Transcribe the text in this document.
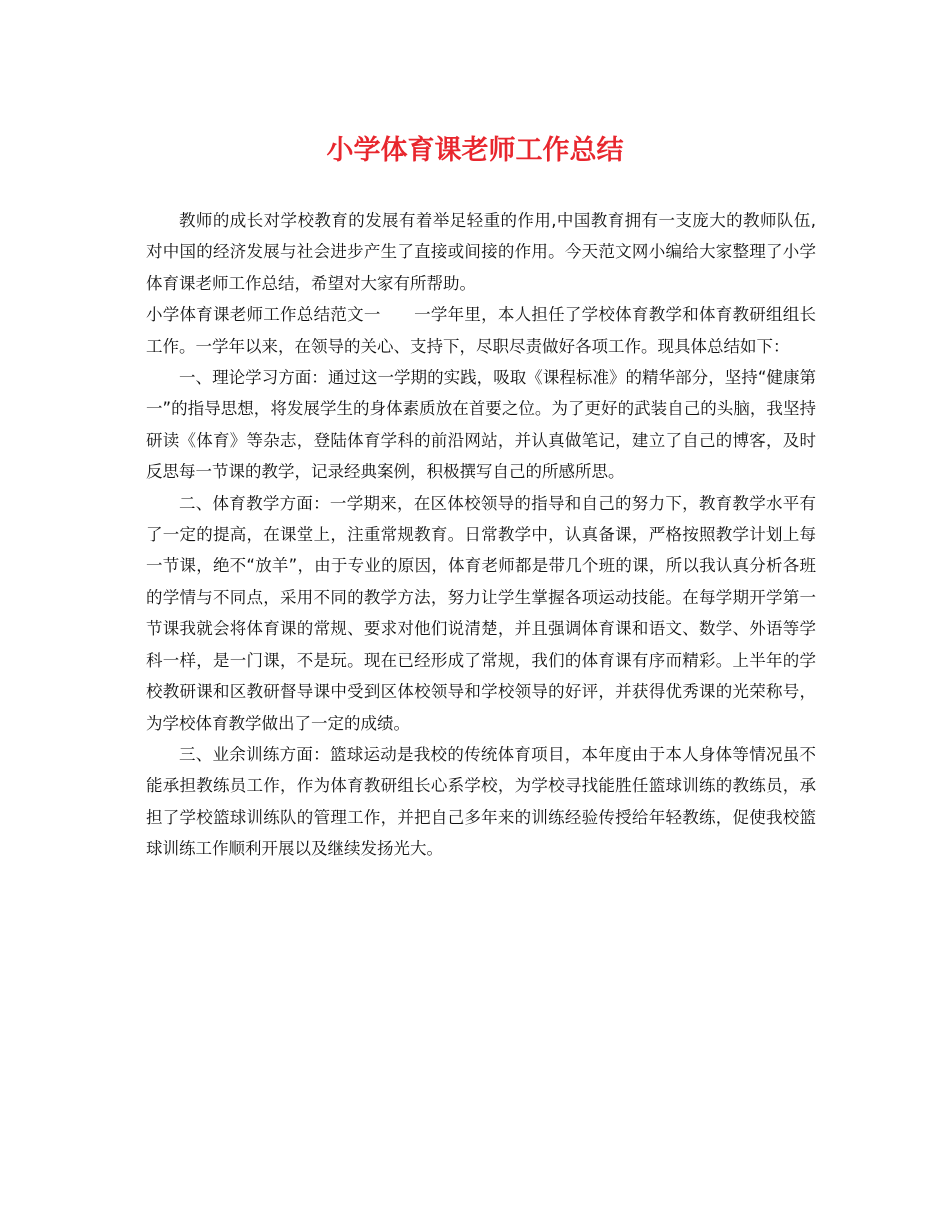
小学体育课老师工作总结

教师的成长对学校教育的发展有着举足轻重的作用,中国教育拥有一支庞大的教师队伍,对中国的经济发展与社会进步产生了直接或间接的作用。今天范文网小编给大家整理了小学体育课老师工作总结，希望对大家有所帮助。

小学体育课老师工作总结范文一　　一学年里，本人担任了学校体育教学和体育教研组组长工作。一学年以来，在领导的关心、支持下，尽职尽责做好各项工作。现具体总结如下：

一、理论学习方面：通过这一学期的实践，吸取《课程标准》的精华部分，坚持“健康第一”的指导思想，将发展学生的身体素质放在首要之位。为了更好的武装自己的头脑，我坚持研读《体育》等杂志，登陆体育学科的前沿网站，并认真做笔记，建立了自己的博客，及时反思每一节课的教学，记录经典案例，积极撰写自己的所感所思。

二、体育教学方面：一学期来，在区体校领导的指导和自己的努力下，教育教学水平有了一定的提高，在课堂上，注重常规教育。日常教学中，认真备课，严格按照教学计划上每一节课，绝不“放羊”，由于专业的原因，体育老师都是带几个班的课，所以我认真分析各班的学情与不同点，采用不同的教学方法，努力让学生掌握各项运动技能。在每学期开学第一节课我就会将体育课的常规、要求对他们说清楚，并且强调体育课和语文、数学、外语等学科一样，是一门课，不是玩。现在已经形成了常规，我们的体育课有序而精彩。上半年的学校教研课和区教研督导课中受到区体校领导和学校领导的好评，并获得优秀课的光荣称号，为学校体育教学做出了一定的成绩。

三、业余训练方面：篮球运动是我校的传统体育项目，本年度由于本人身体等情况虽不能承担教练员工作，作为体育教研组长心系学校，为学校寻找能胜任篮球训练的教练员，承担了学校篮球训练队的管理工作，并把自己多年来的训练经验传授给年轻教练，促使我校篮球训练工作顺利开展以及继续发扬光大。
